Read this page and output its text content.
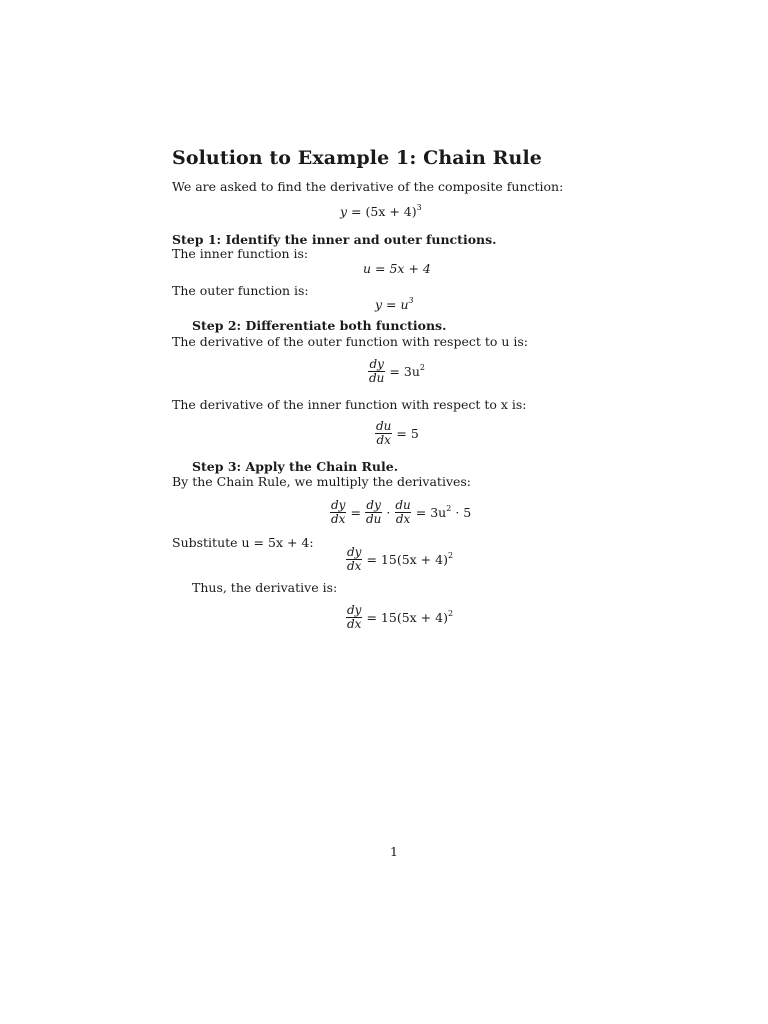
Solution to Example 1: Chain Rule
We are asked to find the derivative of the composite function:
$y = (5x + 4)^3$
Step 1: Identify the inner and outer functions.
The inner function is:
u = 5x + 4
The outer function is:
$y = u^3$
Step 2: Differentiate both functions.
The derivative of the outer function with respect to u is:
$\frac{dy}{du} = 3u^2$
The derivative of the inner function with respect to x is:
$\frac{du}{dx} = 5$
Step 3: Apply the Chain Rule.
By the Chain Rule, we multiply the derivatives:
$\frac{dy}{dx} = \frac{dy}{du} \cdot \frac{du}{dx} = 3u^2 \cdot 5$
Substitute u = 5x + 4:
$\frac{dy}{dx} = 15(5x + 4)^2$
Thus, the derivative is:
$\frac{dy}{dx} = 15(5x + 4)^2$
1
